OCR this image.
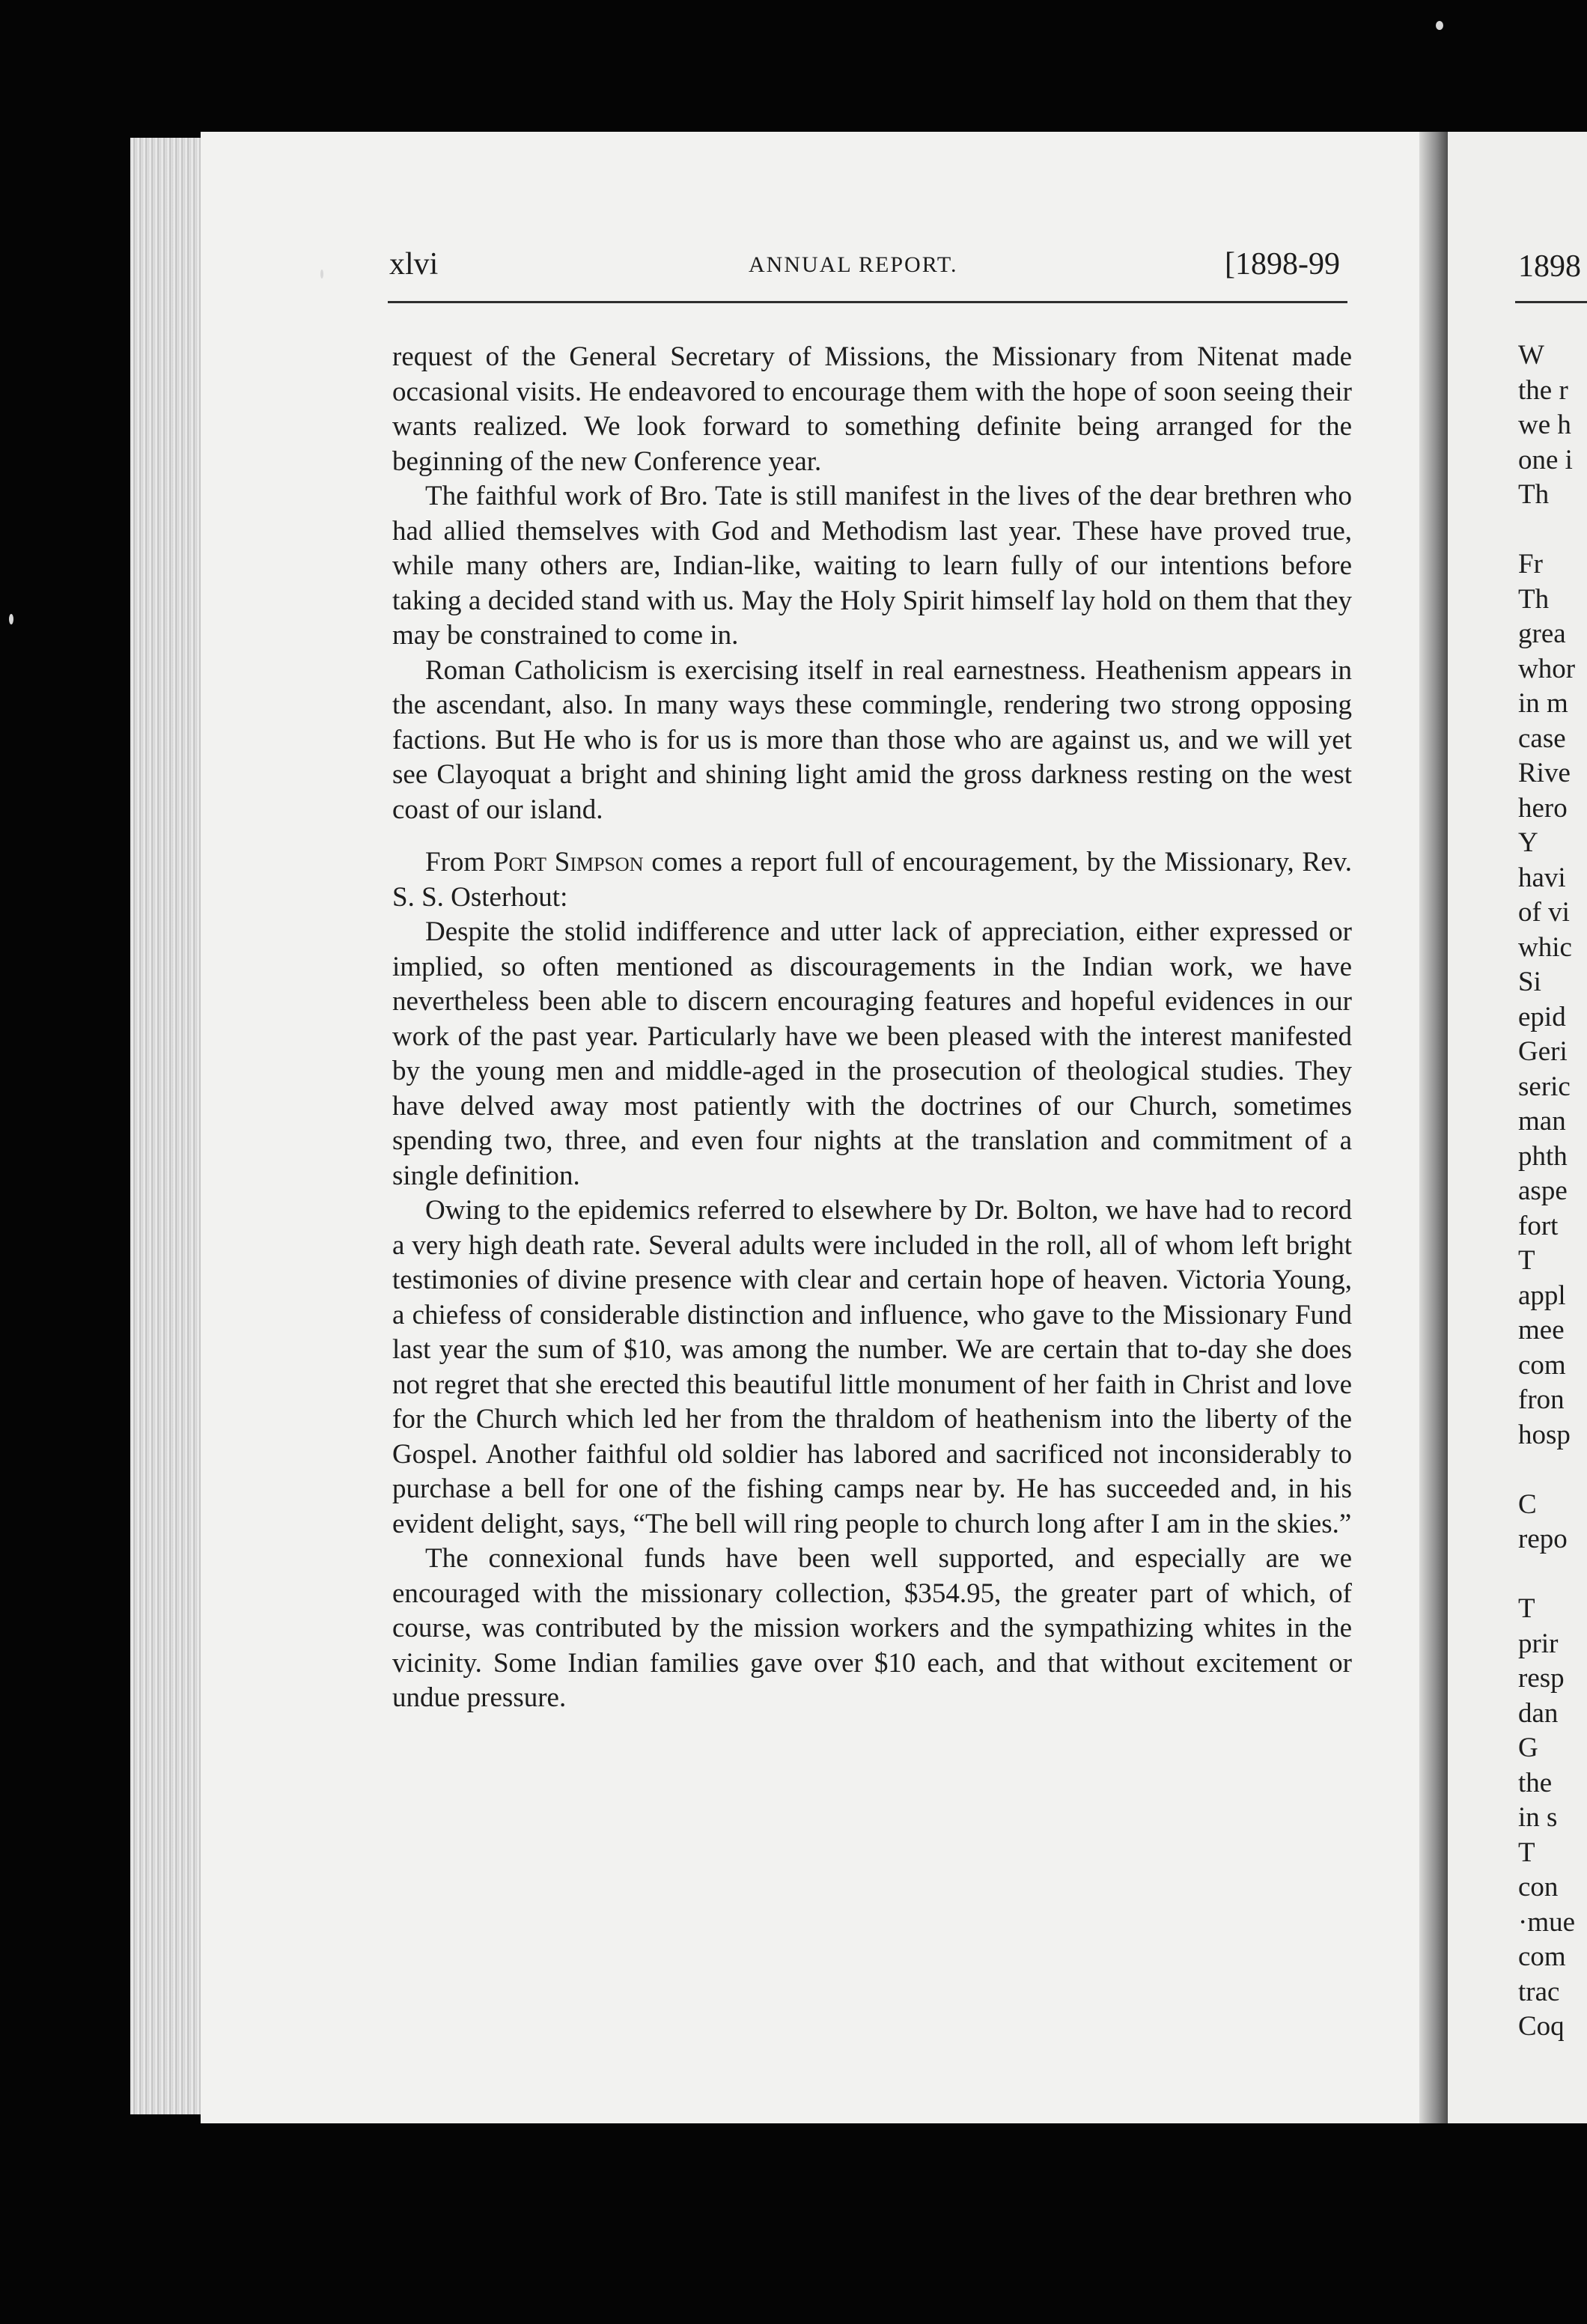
1898
W
the r
we h
one i
Th
Fr
Th
grea
whor
in m
case
Rive
hero
Y
havi
of vi
whic
Si
epid
Geri
seric
man
phth
aspe
fort
T
appl
mee
com
fron
hosp
C
repo
T
prir
resp
dan
G
the
in s
T
con
·mue
com
trac
Coq
xlvi	ANNUAL REPORT.	[1898-99

request of the General Secretary of Missions, the Missionary from Nitenat made occasional visits. He endeavored to encourage them with the hope of soon seeing their wants realized. We look forward to something definite being arranged for the beginning of the new Conference year.

The faithful work of Bro. Tate is still manifest in the lives of the dear brethren who had allied themselves with God and Methodism last year. These have proved true, while many others are, Indian-like, waiting to learn fully of our intentions before taking a decided stand with us. May the Holy Spirit himself lay hold on them that they may be constrained to come in.

Roman Catholicism is exercising itself in real earnestness. Heathenism appears in the ascendant, also. In many ways these commingle, rendering two strong opposing factions. But He who is for us is more than those who are against us, and we will yet see Clayoquat a bright and shining light amid the gross darkness resting on the west coast of our island.

From Port Simpson comes a report full of encouragement, by the Missionary, Rev. S. S. Osterhout:

Despite the stolid indifference and utter lack of appreciation, either expressed or implied, so often mentioned as discouragements in the Indian work, we have nevertheless been able to discern encouraging features and hopeful evidences in our work of the past year. Particularly have we been pleased with the interest manifested by the young men and middle-aged in the prosecution of theological studies. They have delved away most patiently with the doctrines of our Church, sometimes spending two, three, and even four nights at the translation and commitment of a single definition.

Owing to the epidemics referred to elsewhere by Dr. Bolton, we have had to record a very high death rate. Several adults were included in the roll, all of whom left bright testimonies of divine presence with clear and certain hope of heaven. Victoria Young, a chiefess of considerable distinction and influence, who gave to the Missionary Fund last year the sum of $10, was among the number. We are certain that to-day she does not regret that she erected this beautiful little monument of her faith in Christ and love for the Church which led her from the thraldom of heathenism into the liberty of the Gospel. Another faithful old soldier has labored and sacrificed not inconsiderably to purchase a bell for one of the fishing camps near by. He has succeeded and, in his evident delight, says, “The bell will ring people to church long after I am in the skies.”

The connexional funds have been well supported, and especially are we encouraged with the missionary collection, $354.95, the greater part of which, of course, was contributed by the mission workers and the sympathizing whites in the vicinity. Some Indian families gave over $10 each, and that without excitement or undue pressure.
